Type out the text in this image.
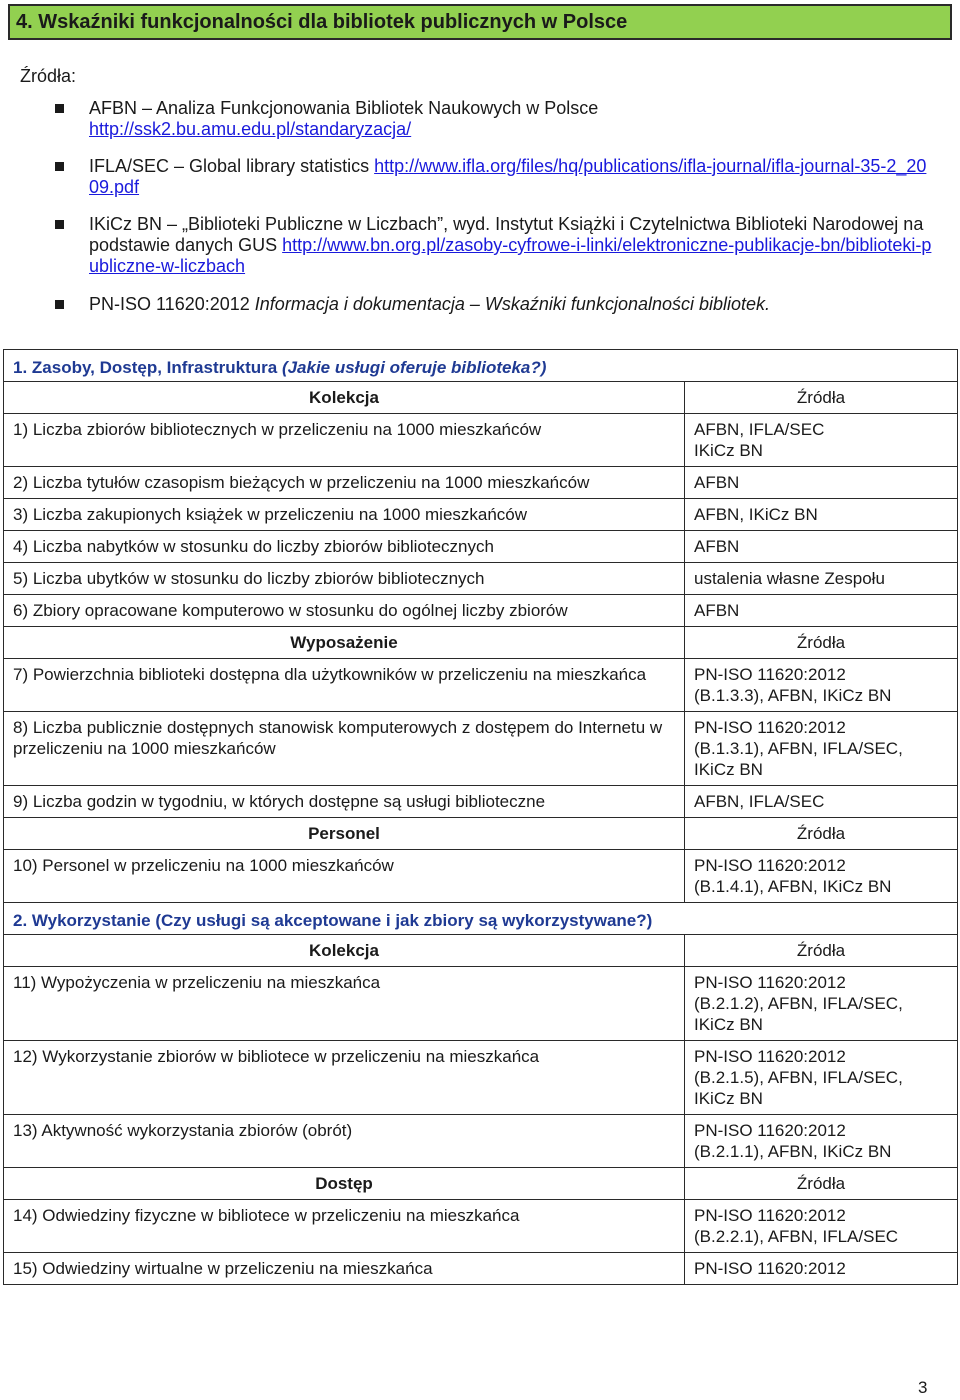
4. Wskaźniki funkcjonalności dla bibliotek publicznych w Polsce
Źródła:
AFBN – Analiza Funkcjonowania Bibliotek Naukowych w Polsce
http://ssk2.bu.amu.edu.pl/standaryzacja/
IFLA/SEC – Global library statistics http://www.ifla.org/files/hq/publications/ifla-journal/ifla-journal-35-2_2009.pdf
IKiCz BN – „Biblioteki Publiczne w Liczbach”, wyd. Instytut Książki i Czytelnictwa Biblioteki Narodowej na podstawie danych GUS http://www.bn.org.pl/zasoby-cyfrowe-i-linki/elektroniczne-publikacje-bn/biblioteki-publiczne-w-liczbach
PN-ISO 11620:2012 Informacja i dokumentacja – Wskaźniki funkcjonalności bibliotek.
1. Zasoby, Dostęp, Infrastruktura (Jakie usługi oferuje biblioteka?)	
Kolekcja	Źródła
1) Liczba zbiorów bibliotecznych w przeliczeniu na 1000 mieszkańców	AFBN, IFLA/SEC
IKiCz BN

2) Liczba tytułów czasopism bieżących w przeliczeniu na 1000 mieszkańców	AFBN

3) Liczba zakupionych książek w przeliczeniu na 1000 mieszkańców	AFBN, IKiCz BN

4) Liczba nabytków w stosunku do liczby zbiorów bibliotecznych	AFBN

5) Liczba ubytków w stosunku do liczby zbiorów bibliotecznych	ustalenia własne Zespołu

6) Zbiory opracowane komputerowo w stosunku do ogólnej liczby zbiorów	AFBN

Wyposażenie	Źródła
7) Powierzchnia biblioteki dostępna dla użytkowników w przeliczeniu na mieszkańca	PN-ISO 11620:2012
(B.1.3.3), AFBN, IKiCz BN

8) Liczba publicznie dostępnych stanowisk komputerowych z dostępem do Internetu w przeliczeniu na 1000 mieszkańców	PN-ISO 11620:2012
(B.1.3.1), AFBN, IFLA/SEC,
IKiCz BN

9) Liczba godzin w tygodniu, w których dostępne są usługi biblioteczne	AFBN, IFLA/SEC

Personel	Źródła
10) Personel w przeliczeniu na 1000 mieszkańców	PN-ISO 11620:2012
(B.1.4.1), AFBN, IKiCz BN

2. Wykorzystanie (Czy usługi są akceptowane i jak zbiory są wykorzystywane?)	
Kolekcja	Źródła
11) Wypożyczenia w przeliczeniu na mieszkańca	PN-ISO 11620:2012
(B.2.1.2), AFBN, IFLA/SEC,
IKiCz BN

12) Wykorzystanie zbiorów w bibliotece w przeliczeniu na mieszkańca	PN-ISO 11620:2012
(B.2.1.5), AFBN, IFLA/SEC,
IKiCz BN

13) Aktywność wykorzystania zbiorów (obrót)	PN-ISO 11620:2012
(B.2.1.1), AFBN, IKiCz BN

Dostęp	Źródła
14) Odwiedziny fizyczne w bibliotece w przeliczeniu na mieszkańca	PN-ISO 11620:2012
(B.2.2.1), AFBN, IFLA/SEC

15) Odwiedziny wirtualne w przeliczeniu na mieszkańca	PN-ISO 11620:2012
3
